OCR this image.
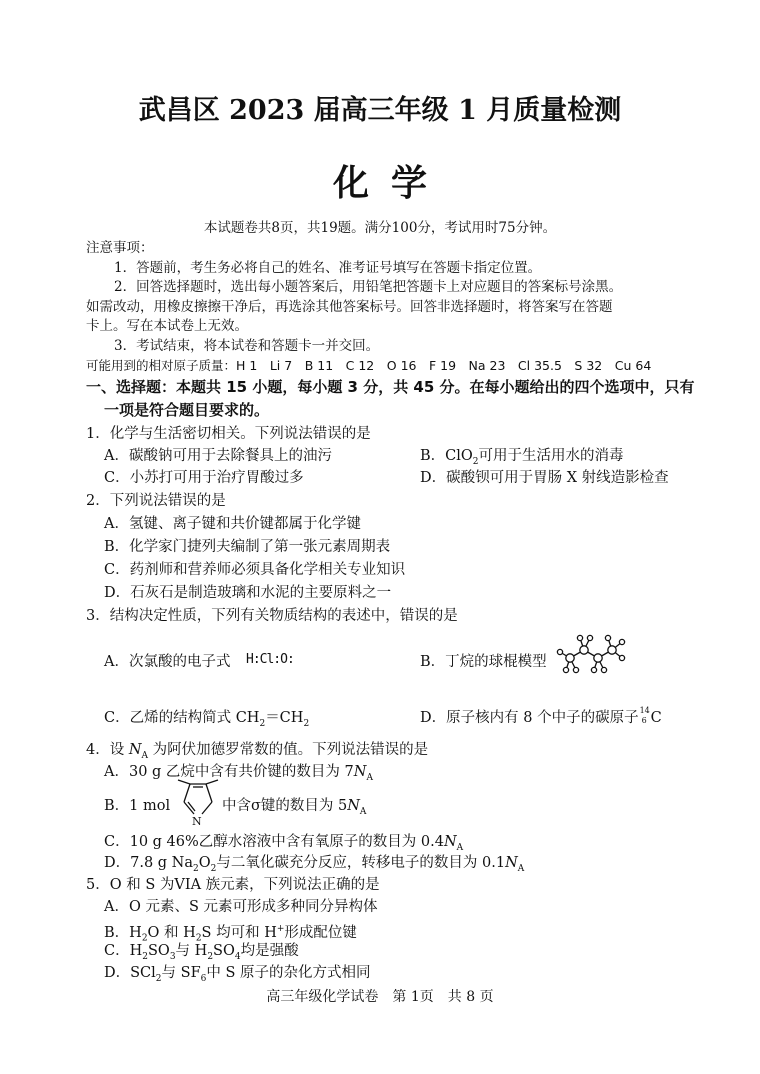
武昌区 2023 届高三年级 1 月质量检测
化学
本试题卷共8页，共19题。满分100分，考试用时75分钟。
注意事项：
1．答题前，考生务必将自己的姓名、准考证号填写在答题卡指定位置。
2．回答选择题时，选出每小题答案后，用铅笔把答题卡上对应题目的答案标号涂黑。
如需改动，用橡皮擦擦干净后，再选涂其他答案标号。回答非选择题时，将答案写在答题
卡上。写在本试卷上无效。
3．考试结束，将本试卷和答题卡一并交回。
可能用到的相对原子质量：H 1　Li 7　B 11　C 12　O 16　F 19　Na 23　Cl 35.5　S 32　Cu 64
一、选择题：本题共 15 小题，每小题 3 分，共 45 分。在每小题给出的四个选项中，只有
一项是符合题目要求的。
1．化学与生活密切相关。下列说法错误的是
A．碳酸钠可用于去除餐具上的油污	B．ClO$_2$可用于生活用水的消毒
C．小苏打可用于治疗胃酸过多	D．碳酸钡可用于胃肠 X 射线造影检查
2．下列说法错误的是
A．氢键、离子键和共价键都属于化学键
B．化学家门捷列夫编制了第一张元素周期表
C．药剂师和营养师必须具备化学相关专业知识
D．石灰石是制造玻璃和水泥的主要原料之一
3．结构决定性质，下列有关物质结构的表述中，错误的是
A．次氯酸的电子式 H:Cl:O:	B．丁烷的球棍模型
C．乙烯的结构简式 $CH_2=CH_2$	D．原子核内有 8 个中子的碳原子 14
6 C
4．设 $N_A$ 为阿伏加德罗常数的值。下列说法错误的是
A．30 g 乙烷中含有共价键的数目为 $7N_A$
B．1 mol
N
中含σ键的数目为 $5N_A$
C．10 g 46%乙醇水溶液中含有氧原子的数目为 $0.4N_A$
D．7.8 g $Na_2O_2$与二氧化碳充分反应，转移电子的数目为 $0.1N_A$
5．O 和 S 为VIA 族元素，下列说法正确的是
A．O 元素、S 元素可形成多种同分异构体
B．$H_2O$ 和 $H_2S$ 均可和 H+形成配位键
C．$H_2SO_3$与 $H_2SO_4$均是强酸
D．SCl$_2$与 $SF_6$中 S 原子的杂化方式相同
高三年级化学试卷　第 1页　共 8 页
